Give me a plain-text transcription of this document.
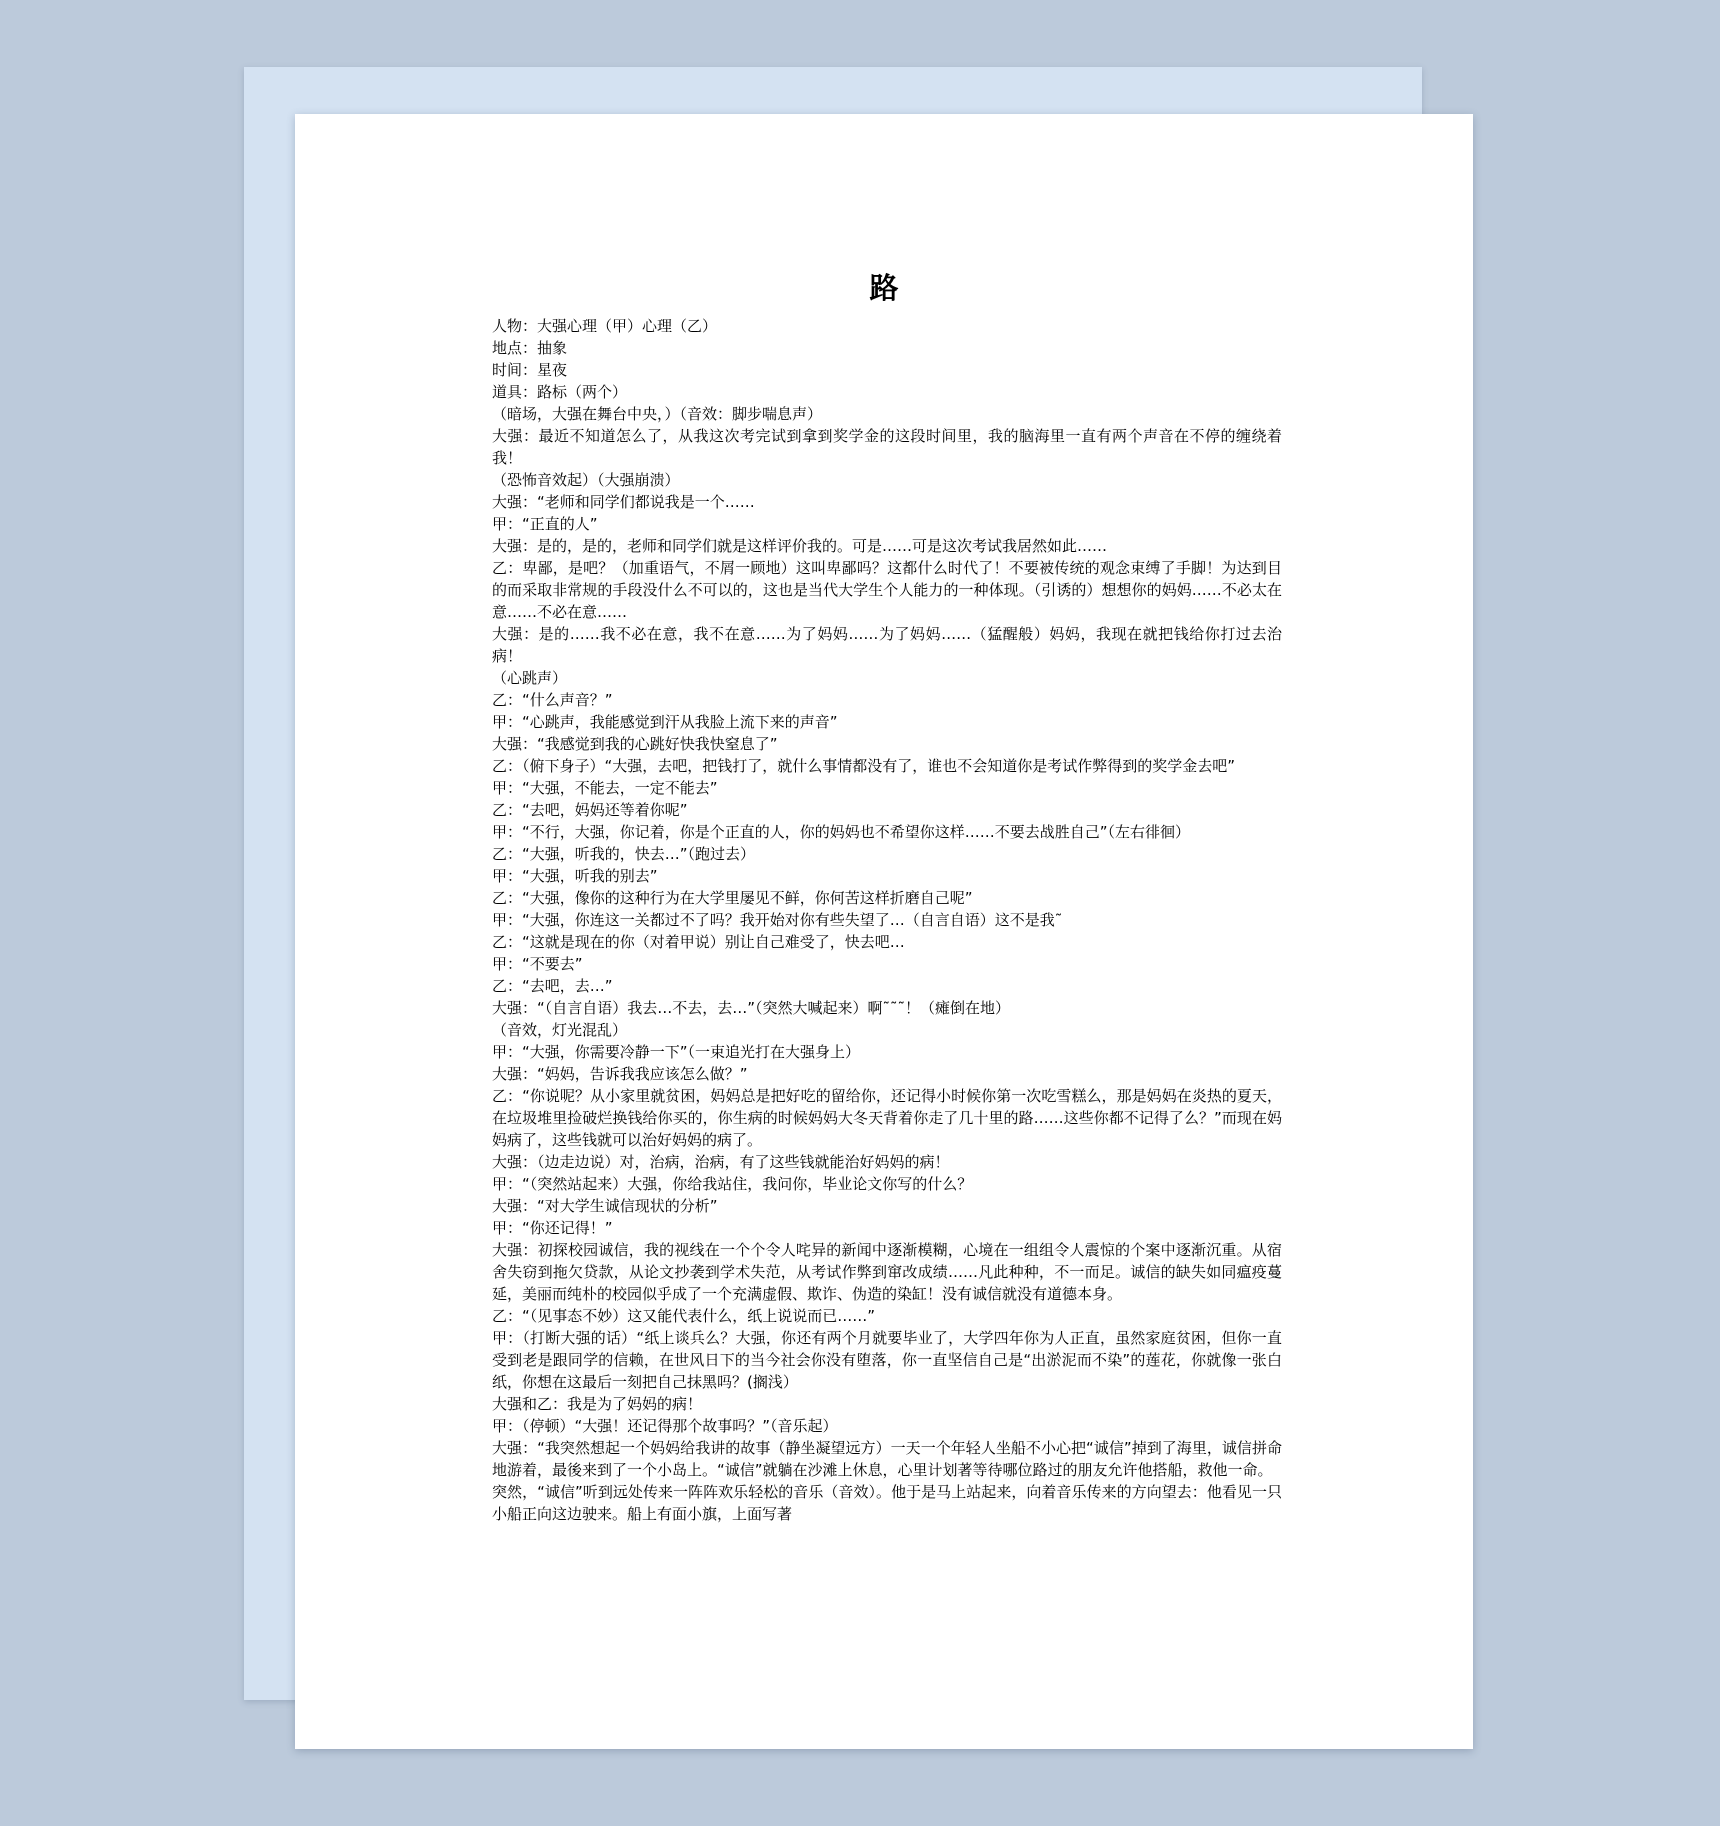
路

人物：大强心理（甲）心理（乙）

地点：抽象

时间：星夜

道具：路标（两个）

（暗场，大强在舞台中央，）（音效：脚步喘息声）

大强：最近不知道怎么了，从我这次考完试到拿到奖学金的这段时间里，我的脑海里一直有两个声音在不停的缠绕着我！

（恐怖音效起）（大强崩溃）

大强：“老师和同学们都说我是一个……

甲：“正直的人”

大强：是的，是的，老师和同学们就是这样评价我的。可是……可是这次考试我居然如此……

乙：卑鄙，是吧？（加重语气，不屑一顾地）这叫卑鄙吗？这都什么时代了！不要被传统的观念束缚了手脚！为达到目的而采取非常规的手段没什么不可以的，这也是当代大学生个人能力的一种体现。（引诱的）想想你的妈妈……不必太在意……不必在意……

大强：是的……我不必在意，我不在意……为了妈妈……为了妈妈……（猛醒般）妈妈，我现在就把钱给你打过去治病！

（心跳声）

乙：“什么声音？”

甲：“心跳声，我能感觉到汗从我脸上流下来的声音”

大强：“我感觉到我的心跳好快我快窒息了”

乙：（俯下身子）“大强，去吧，把钱打了，就什么事情都没有了，谁也不会知道你是考试作弊得到的奖学金去吧”

甲：“大强，不能去，一定不能去”

乙：“去吧，妈妈还等着你呢”

甲：“不行，大强，你记着，你是个正直的人，你的妈妈也不希望你这样……不要去战胜自己”（左右徘徊）

乙：“大强，听我的，快去…”（跑过去）

甲：“大强，听我的别去”

乙：“大强，像你的这种行为在大学里屡见不鲜，你何苦这样折磨自己呢”

甲：“大强，你连这一关都过不了吗？我开始对你有些失望了…（自言自语）这不是我˜

乙：“这就是现在的你（对着甲说）别让自己难受了，快去吧…

甲：“不要去”

乙：“去吧，去…”

大强：“（自言自语）我去…不去，去…”（突然大喊起来）啊˜˜˜！（瘫倒在地）

（音效，灯光混乱）

甲：“大强，你需要冷静一下”（一束追光打在大强身上）

大强：“妈妈，告诉我我应该怎么做？”

乙：“你说呢？从小家里就贫困，妈妈总是把好吃的留给你，还记得小时候你第一次吃雪糕么，那是妈妈在炎热的夏天，在垃圾堆里捡破烂换钱给你买的，你生病的时候妈妈大冬天背着你走了几十里的路……这些你都不记得了么？”而现在妈妈病了，这些钱就可以治好妈妈的病了。

大强：（边走边说）对，治病，治病，有了这些钱就能治好妈妈的病！

甲：“（突然站起来）大强，你给我站住，我问你，毕业论文你写的什么？

大强：“对大学生诚信现状的分析”

甲：“你还记得！”

大强：初探校园诚信，我的视线在一个个令人咤异的新闻中逐渐模糊，心境在一组组令人震惊的个案中逐渐沉重。从宿舍失窃到拖欠贷款，从论文抄袭到学术失范，从考试作弊到窜改成绩……凡此种种，不一而足。诚信的缺失如同瘟疫蔓延，美丽而纯朴的校园似乎成了一个充满虚假、欺诈、伪造的染缸！没有诚信就没有道德本身。

乙：“（见事态不妙）这又能代表什么，纸上说说而已……”

甲：（打断大强的话）“纸上谈兵么？大强，你还有两个月就要毕业了，大学四年你为人正直，虽然家庭贫困，但你一直受到老是跟同学的信赖，在世风日下的当今社会你没有堕落，你一直坚信自己是“出淤泥而不染”的莲花，你就像一张白纸，你想在这最后一刻把自己抹黑吗？(搁浅）

大强和乙：我是为了妈妈的病！

甲：（停顿）“大强！还记得那个故事吗？”（音乐起）

大强：“我突然想起一个妈妈给我讲的故事（静坐凝望远方）一天一个年轻人坐船不小心把“诚信”掉到了海里，诚信拼命地游着，最後来到了一个小岛上。“诚信”就躺在沙滩上休息，心里计划著等待哪位路过的朋友允许他搭船，救他一命。

突然，“诚信”听到远处传来一阵阵欢乐轻松的音乐（音效）。他于是马上站起来，向着音乐传来的方向望去：他看见一只小船正向这边驶来。船上有面小旗，上面写著
